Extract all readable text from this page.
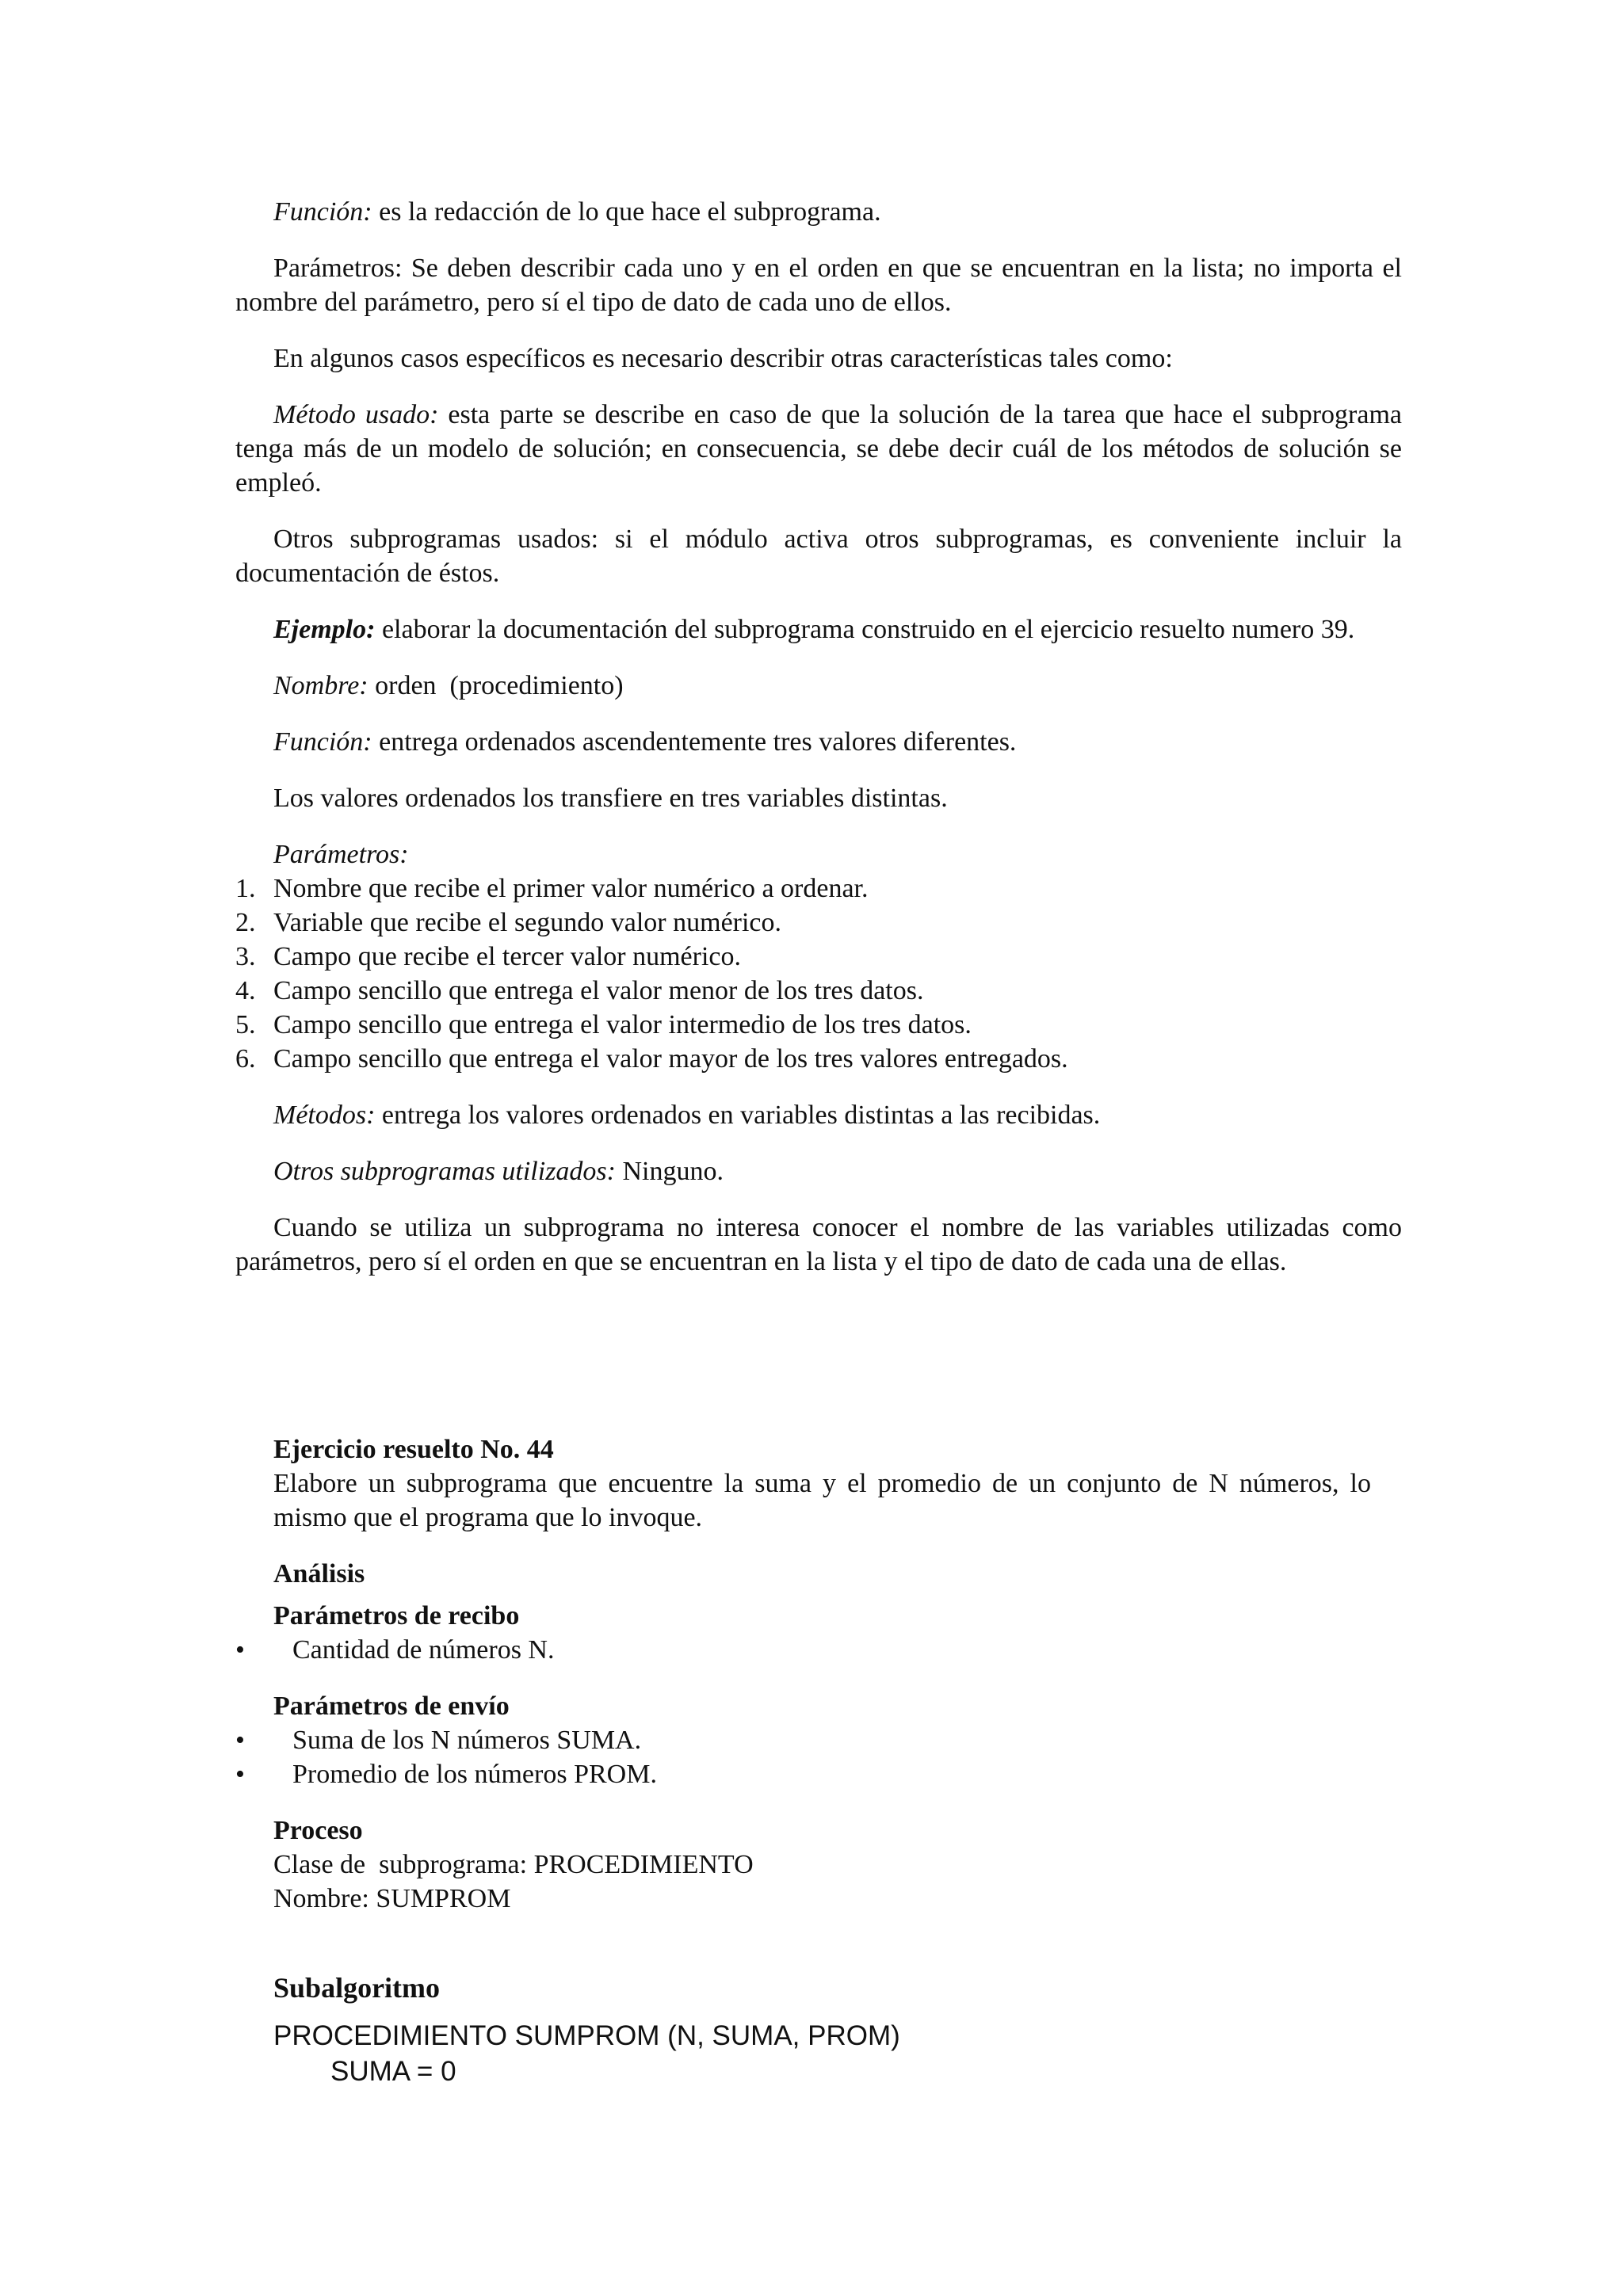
Función: es la redacción de lo que hace el subprograma.

Parámetros: Se deben describir cada uno y en el orden en que se encuentran en la lista; no importa el nombre del parámetro, pero sí el tipo de dato de cada uno de ellos.

En algunos casos específicos es necesario describir otras características tales como:

Método usado: esta parte se describe en caso de que la solución de la tarea que hace el subprograma tenga más de un modelo de solución; en consecuencia, se debe decir cuál de los métodos de solución se empleó.

Otros subprogramas usados: si el módulo activa otros subprogramas, es conveniente incluir la documentación de éstos.

Ejemplo: elaborar la documentación del subprograma construido en el ejercicio resuelto numero 39.

Nombre: orden  (procedimiento)

Función: entrega ordenados ascendentemente tres valores diferentes.

Los valores ordenados los transfiere en tres variables distintas.

Parámetros:

1. Nombre que recibe el primer valor numérico a ordenar.
2. Variable que recibe el segundo valor numérico.
3. Campo que recibe el tercer valor numérico.
4. Campo sencillo que entrega el valor menor de los tres datos.
5. Campo sencillo que entrega el valor intermedio de los tres datos.
6. Campo sencillo que entrega el valor mayor de los tres valores entregados.

Métodos: entrega los valores ordenados en variables distintas a las recibidas.

Otros subprogramas utilizados: Ninguno.

Cuando se utiliza un subprograma no interesa conocer el nombre de las variables utilizadas como parámetros, pero sí el orden en que se encuentran en la lista y el tipo de dato de cada una de ellas.

Ejercicio resuelto No. 44

Elabore un subprograma que encuentre la suma y el promedio de un conjunto de N números, lo mismo que el programa que lo invoque.

Análisis

Parámetros de recibo

• Cantidad de números N.

Parámetros de envío

• Suma de los N números SUMA.
• Promedio de los números PROM.

Proceso

Clase de  subprograma: PROCEDIMIENTO

Nombre: SUMPROM

Subalgoritmo

PROCEDIMIENTO SUMPROM (N, SUMA, PROM)
SUMA = 0
